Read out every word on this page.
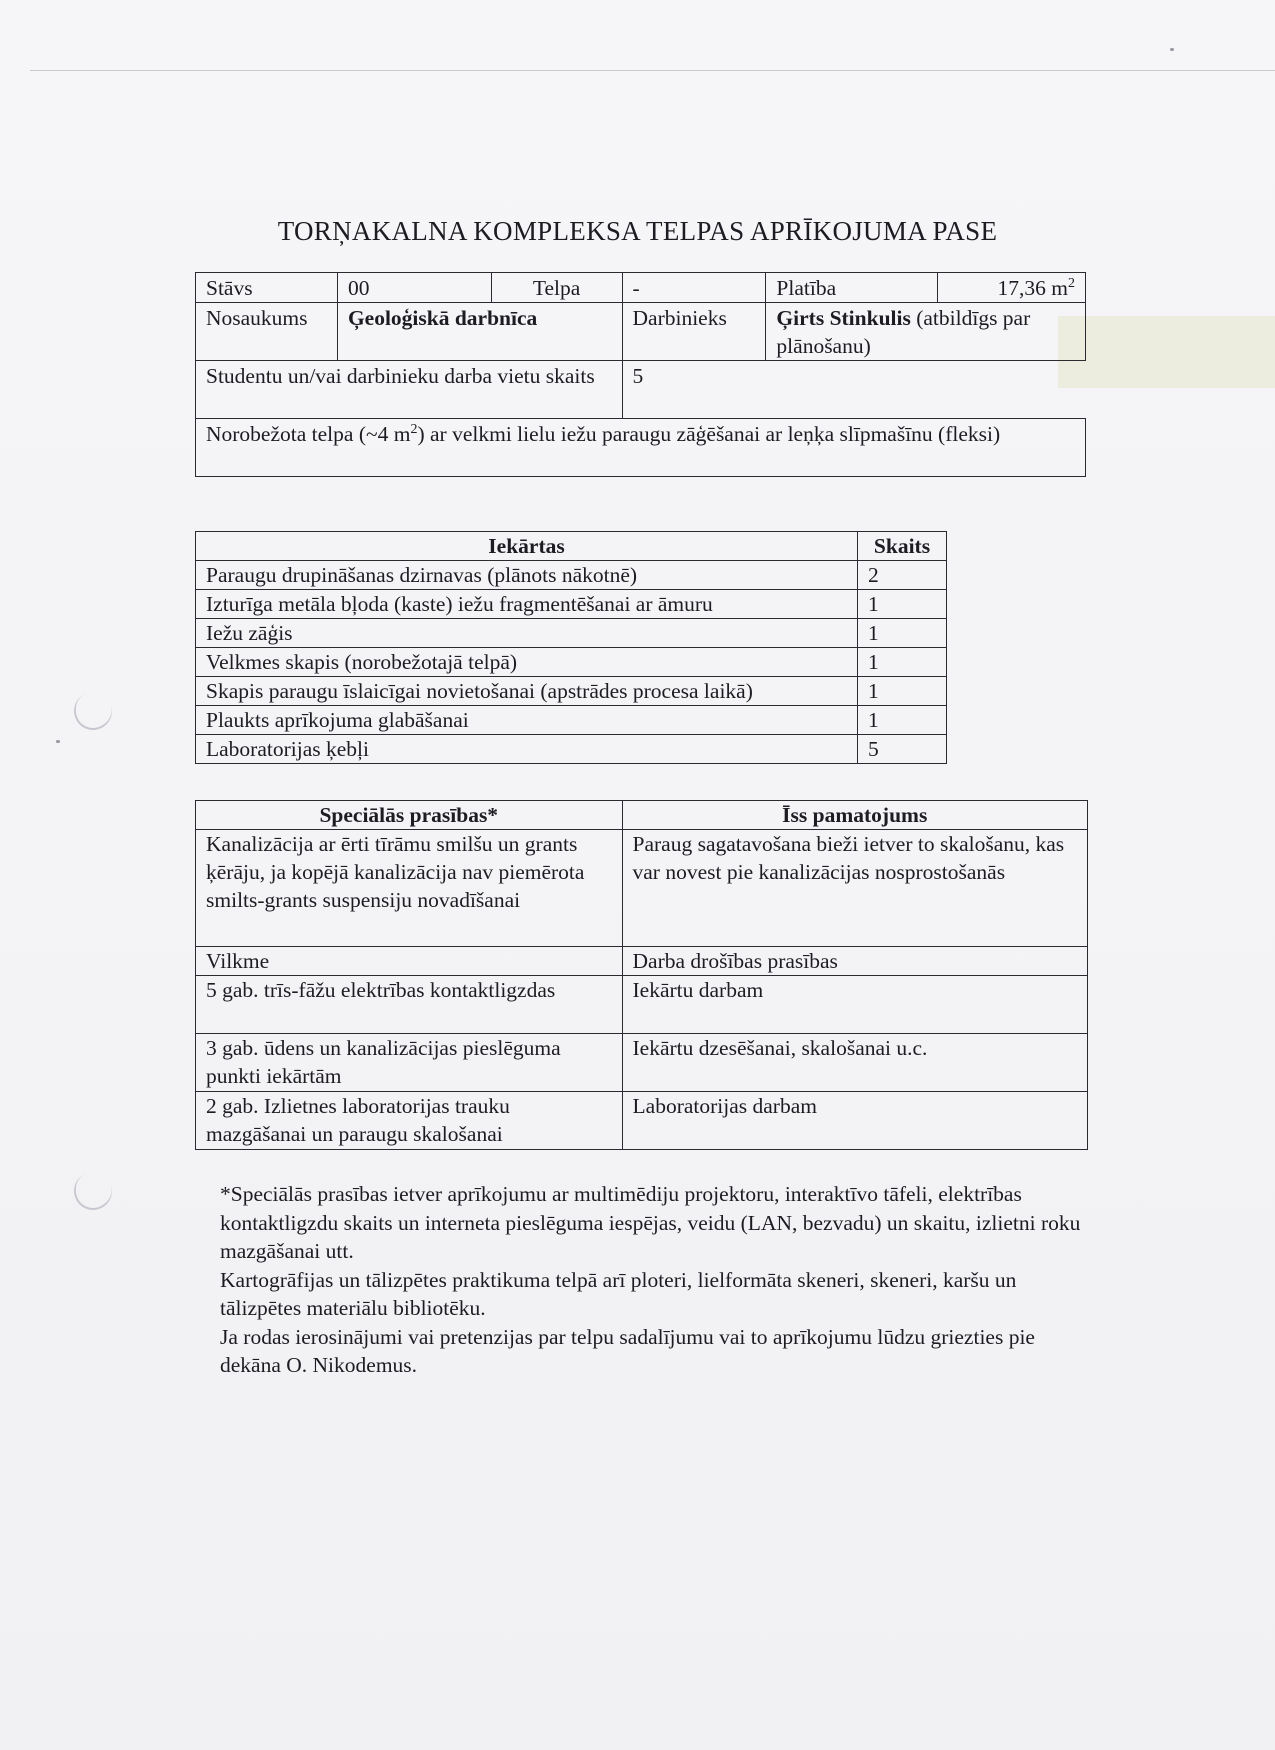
TORŅAKALNA KOMPLEKSA TELPAS APRĪKOJUMA PASE
Stāvs	00	Telpa	-	Platība	17,36 $m^2$
Nosaukums	Ģeoloģiskā darbnīca		Darbinieks	Ģirts Stinkulis (atbildīgs par plānošanu)	
Studentu un/vai darbinieku darba vietu skaits			5		
Norobežota telpa (~4 $m^2$) ar velkmi lielu iežu paraugu zāģēšanai ar leņķa slīpmašīnu (fleksi)					
Iekārtas	Skaits
Paraugu drupināšanas dzirnavas (plānots nākotnē)	2
Izturīga metāla bļoda (kaste) iežu fragmentēšanai ar āmuru	1
Iežu zāģis	1
Velkmes skapis (norobežotajā telpā)	1
Skapis paraugu īslaicīgai novietošanai (apstrādes procesa laikā)	1
Plaukts aprīkojuma glabāšanai	1
Laboratorijas ķebļi	5
Speciālās prasības*	Īss pamatojums
Kanalizācija ar ērti tīrāmu smilšu un grants ķērāju, ja kopējā kanalizācija nav piemērota smilts-grants suspensiju novadīšanai	Paraug sagatavošana bieži ietver to skalošanu, kas var novest pie kanalizācijas nosprostošanās
Vilkme	Darba drošības prasības
5 gab. trīs-fāžu elektrības kontaktligzdas	Iekārtu darbam
3 gab. ūdens un kanalizācijas pieslēguma punkti iekārtām	Iekārtu dzesēšanai, skalošanai u.c.
2 gab. Izlietnes laboratorijas trauku mazgāšanai un paraugu skalošanai	Laboratorijas darbam

*Speciālās prasības ietver aprīkojumu ar multimēdiju projektoru, interaktīvo tāfeli, elektrības kontaktligzdu skaits un interneta pieslēguma iespējas, veidu (LAN, bezvadu) un skaitu, izlietni roku mazgāšanai utt.

Kartogrāfijas un tālizpētes praktikuma telpā arī ploteri, lielformāta skeneri, skeneri, karšu un tālizpētes materiālu bibliotēku.

Ja rodas ierosinājumi vai pretenzijas par telpu sadalījumu vai to aprīkojumu lūdzu griezties pie dekāna O. Nikodemus.
